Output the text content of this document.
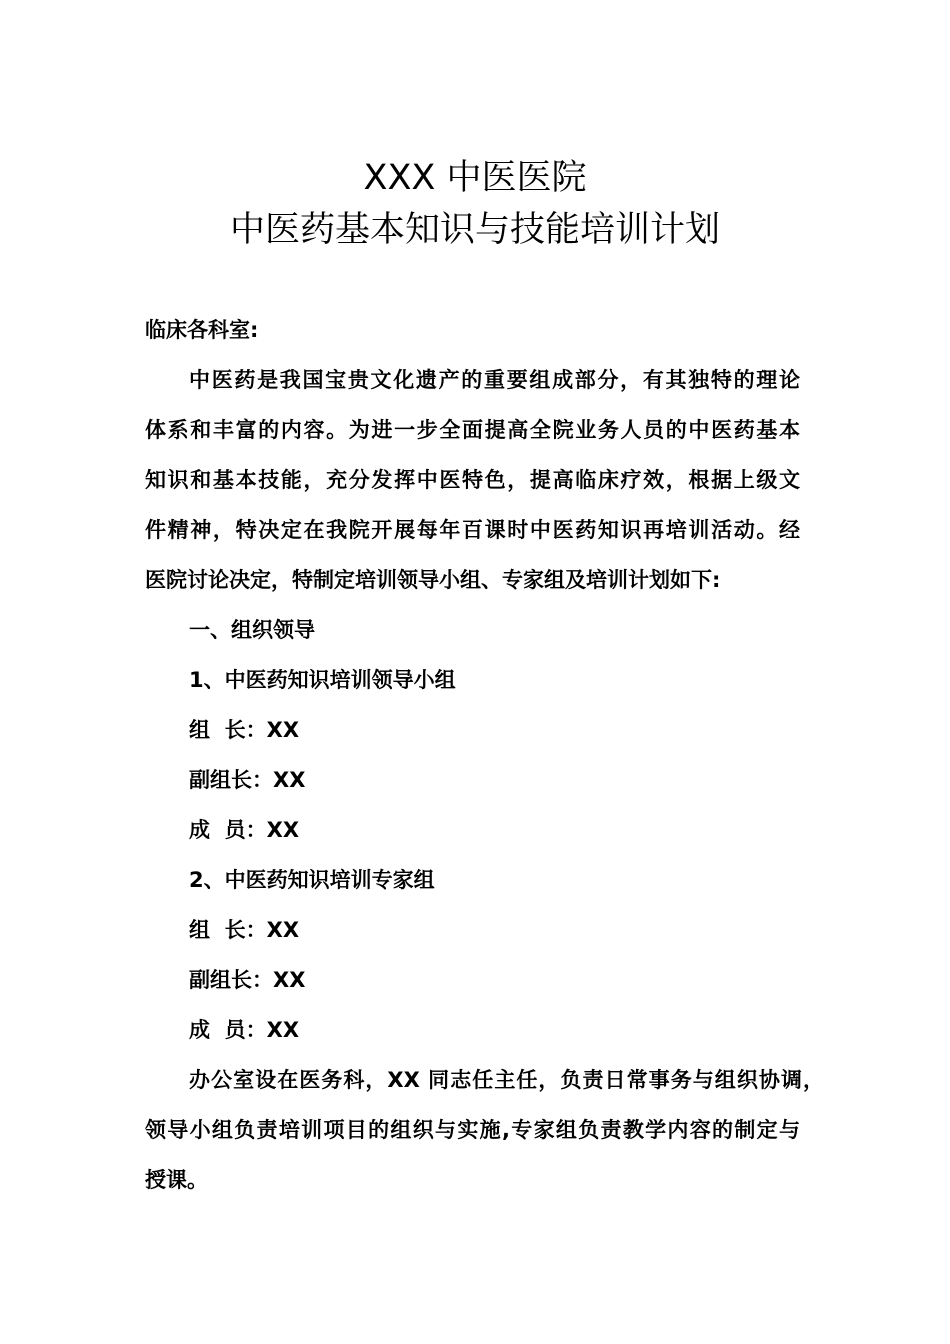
XXX 中医医院
中医药基本知识与技能培训计划
临床各科室:
中医药是我国宝贵文化遗产的重要组成部分，有其独特的理论
体系和丰富的内容。为进一步全面提高全院业务人员的中医药基本
知识和基本技能，充分发挥中医特色，提高临床疗效，根据上级文
件精神，特决定在我院开展每年百课时中医药知识再培训活动。经
医院讨论决定，特制定培训领导小组、专家组及培训计划如下:
一、组织领导
1、中医药知识培训领导小组
组  长：XX
副组长：XX
成  员：XX
2、中医药知识培训专家组
组  长：XX
副组长：XX
成  员：XX
办公室设在医务科，XX 同志任主任，负责日常事务与组织协调，
领导小组负责培训项目的组织与实施,专家组负责教学内容的制定与
授课。
